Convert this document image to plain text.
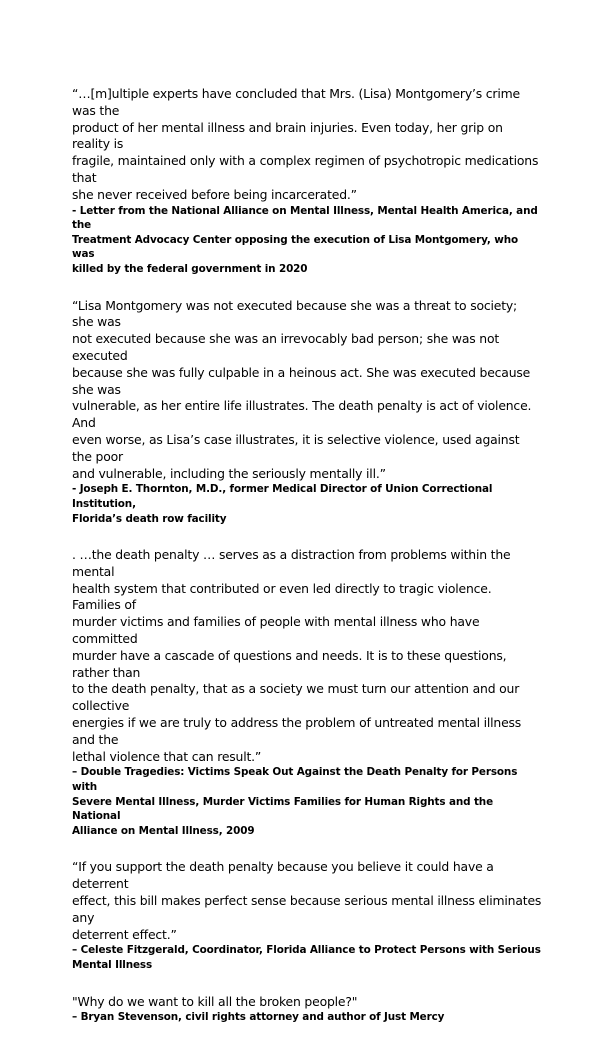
“…[m]ultiple experts have concluded that Mrs. (Lisa) Montgomery’s crime was the
product of her mental illness and brain injuries. Even today, her grip on reality is
fragile, maintained only with a complex regimen of psychotropic medications that
she never received before being incarcerated.”

- Letter from the National Alliance on Mental Illness, Mental Health America, and the
Treatment Advocacy Center opposing the execution of Lisa Montgomery, who was
killed by the federal government in 2020

“Lisa Montgomery was not executed because she was a threat to society; she was
not executed because she was an irrevocably bad person; she was not executed
because she was fully culpable in a heinous act. She was executed because she was
vulnerable, as her entire life illustrates. The death penalty is act of violence. And
even worse, as Lisa’s case illustrates, it is selective violence, used against the poor
and vulnerable, including the seriously mentally ill.”

- Joseph E. Thornton, M.D., former Medical Director of Union Correctional Institution,
Florida’s death row facility

. …the death penalty … serves as a distraction from problems within the mental
health system that contributed or even led directly to tragic violence. Families of
murder victims and families of people with mental illness who have committed
murder have a cascade of questions and needs. It is to these questions, rather than
to the death penalty, that as a society we must turn our attention and our collective
energies if we are truly to address the problem of untreated mental illness and the
lethal violence that can result.”

– Double Tragedies: Victims Speak Out Against the Death Penalty for Persons with
Severe Mental Illness, Murder Victims Families for Human Rights and the National
Alliance on Mental Illness, 2009

“If you support the death penalty because you believe it could have a deterrent
effect, this bill makes perfect sense because serious mental illness eliminates any
deterrent effect.”

– Celeste Fitzgerald, Coordinator, Florida Alliance to Protect Persons with Serious
Mental Illness

"Why do we want to kill all the broken people?"

– Bryan Stevenson, civil rights attorney and author of Just Mercy
